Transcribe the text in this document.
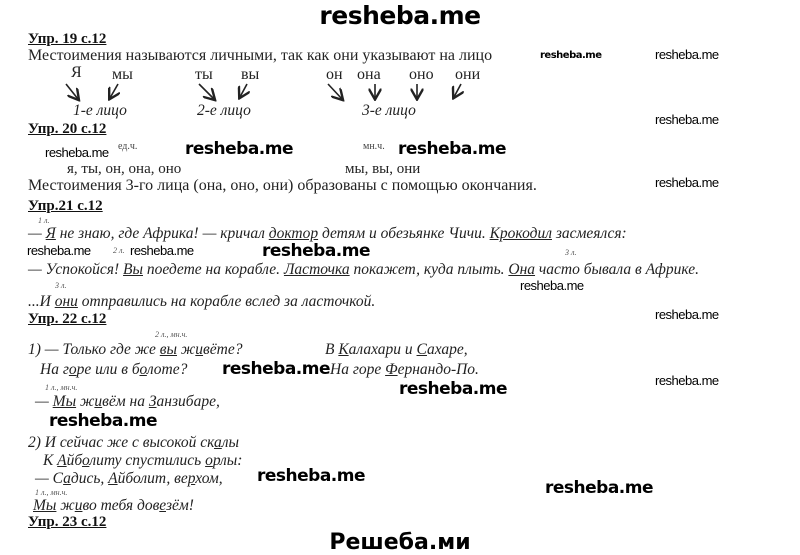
resheba.me
resheba.me
resheba.me
resheba.me
resheba.me
resheba.me
Упр. 19 с.12
Местоимения называются личными, так как они указывают на лицо	resheba.me
Я мы	ты вы	он она оно они
1-е лицо	2-е лицо	3-е лицо
Упр. 20 с.12
resheba.me ед.ч.	resheba.me	мн.ч. resheba.me
я, ты, он, она, оно	мы, вы, они
Местоимения 3-го лица (она, оно, они) образованы с помощью окончания.
Упр.21 с.12
1 л.
— Я не знаю, где Африка! — кричал доктор детям и обезьянке Чичи. Крокодил засмеялся:
resheba.me	2 л. resheba.me	resheba.me	3 л.
— Успокойся! Вы поедете на корабле. Ласточка покажет, куда плыть. Она часто бывала в Африке.
3 л.	resheba.me
...И они отправились на корабле вслед за ласточкой.
Упр. 22 с.12
2 л., мн.ч.
1) — Только где же вы живёте?	В Калахари и Сахаре,
На горе или в болоте? resheba.me На горе Фернандо-По.
resheba.me
1 л., мн.ч.
— Мы живём на Занзибаре,
resheba.me
2) И сейчас же с высокой скалы
К Айболиту спустились орлы:
— Садись, Айболит, верхом, resheba.me
resheba.me
1 л., мн.ч.
Мы живо тебя довезём!
Упр. 23 с.12
Решеба.ми
